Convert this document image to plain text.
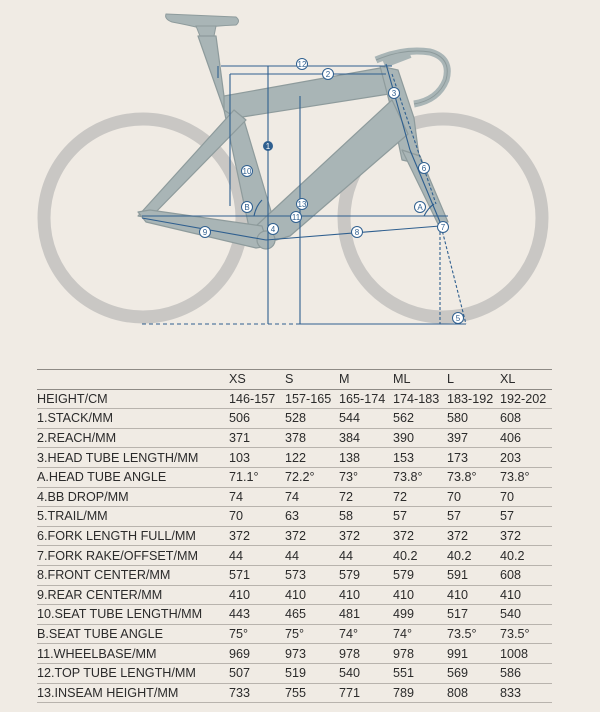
1
2
3
4
5
6
7
8
9
10
11
12
13	A
B
	XS	S	M	ML	L	XL
HEIGHT/CM	146-157	157-165	165-174	174-183	183-192	192-202
1.STACK/MM	506	528	544	562	580	608
2.REACH/MM	371	378	384	390	397	406
3.HEAD TUBE LENGTH/MM	103	122	138	153	173	203
A.HEAD TUBE ANGLE	71.1°	72.2°	73°	73.8°	73.8°	73.8°
4.BB DROP/MM	74	74	72	72	70	70
5.TRAIL/MM	70	63	58	57	57	57
6.FORK LENGTH FULL/MM	372	372	372	372	372	372
7.FORK RAKE/OFFSET/MM	44	44	44	40.2	40.2	40.2
8.FRONT CENTER/MM	571	573	579	579	591	608
9.REAR CENTER/MM	410	410	410	410	410	410
10.SEAT TUBE LENGTH/MM	443	465	481	499	517	540
B.SEAT TUBE ANGLE	75°	75°	74°	74°	73.5°	73.5°
11.WHEELBASE/MM	969	973	978	978	991	1008
12.TOP TUBE LENGTH/MM	507	519	540	551	569	586
13.INSEAM HEIGHT/MM	733	755	771	789	808	833
